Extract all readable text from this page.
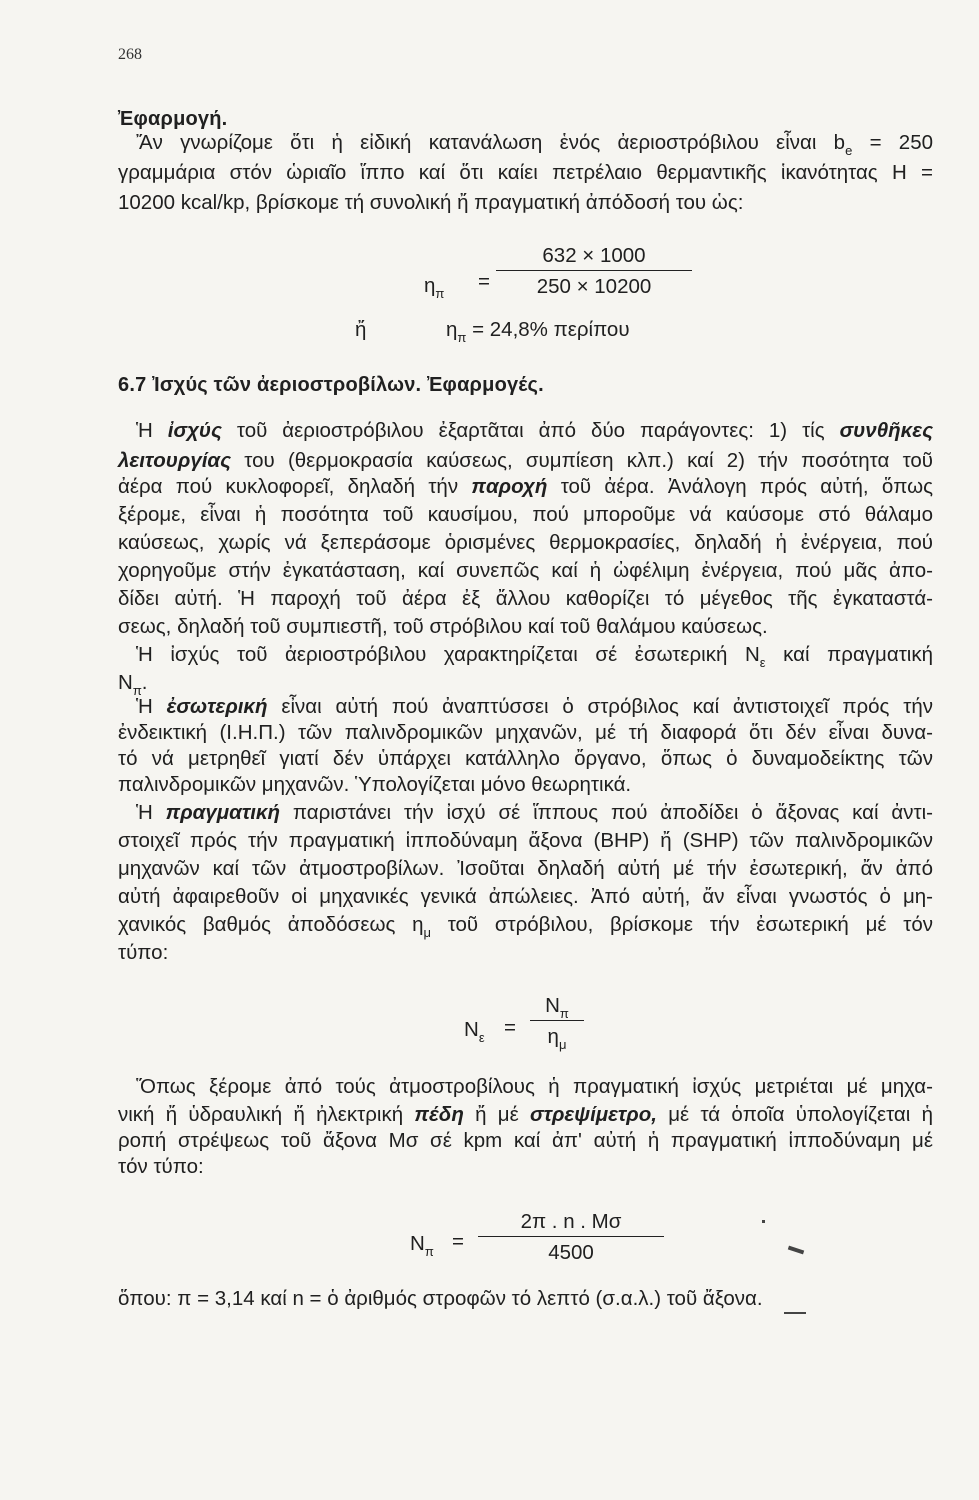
268
Ἐφαρμογή.
Ἄν γνωρίζομε ὅτι ἡ εἰδική κατανάλωση ἑνός ἀεριοστρόβιλου εἶναι $b_e = 250$
γραμμάρια στόν ὡριαῖο ἵππο καί ὅτι καίει πετρέλαιο θερμαντικῆς ἱκανότητας H =
10200 kcal/kp, βρίσκομε τή συνολική ἤ πραγματική ἀπόδοσή του ὡς:
$\eta_\pi$
=
632 × 1000
250 × 10200
ἤ	$\eta_\pi = 24,8\%$ περίπου
6.7 Ἰσχύς τῶν ἀεριοστροβίλων. Ἐφαρμογές.
Ἡ ἰσχύς τοῦ ἀεριοστρόβιλου ἐξαρτᾶται ἀπό δύο παράγοντες: 1) τίς συνθῆκες
λειτουργίας του (θερμοκρασία καύσεως, συμπίεση κλπ.) καί 2) τήν ποσότητα τοῦ
ἀέρα πού κυκλοφορεῖ, δηλαδή τήν παροχή τοῦ ἀέρα. Ἀνάλογη πρός αὐτή, ὅπως
ξέρομε, εἶναι ἡ ποσότητα τοῦ καυσίμου, πού μποροῦμε νά καύσομε στό θάλαμο
καύσεως, χωρίς νά ξεπεράσομε ὁρισμένες θερμοκρασίες, δηλαδή ἡ ἐνέργεια, πού
χορηγοῦμε στήν ἐγκατάσταση, καί συνεπῶς καί ἡ ὠφέλιμη ἐνέργεια, πού μᾶς ἀπο-
δίδει αὐτή. Ἡ παροχή τοῦ ἀέρα ἐξ ἄλλου καθορίζει τό μέγεθος τῆς ἐγκαταστά-
σεως, δηλαδή τοῦ συμπιεστῆ, τοῦ στρόβιλου καί τοῦ θαλάμου καύσεως.
Ἡ ἰσχύς τοῦ ἀεριοστρόβιλου χαρακτηρίζεται σέ ἐσωτερική $N_\varepsilon$ καί πραγματική
$N_\pi$.
Ἡ ἐσωτερική εἶναι αὐτή πού ἀναπτύσσει ὁ στρόβιλος καί ἀντιστοιχεῖ πρός τήν
ἐνδεικτική (Ι.Η.Π.) τῶν παλινδρομικῶν μηχανῶν, μέ τή διαφορά ὅτι δέν εἶναι δυνα-
τό νά μετρηθεῖ γιατί δέν ὑπάρχει κατάλληλο ὄργανο, ὅπως ὁ δυναμοδείκτης τῶν
παλινδρομικῶν μηχανῶν. Ὑπολογίζεται μόνο θεωρητικά.
Ἡ πραγματική παριστάνει τήν ἰσχύ σέ ἵππους πού ἀποδίδει ὁ ἄξονας καί ἀντι-
στοιχεῖ πρός τήν πραγματική ἱπποδύναμη ἄξονα (BHP) ἤ (SHP) τῶν παλινδρομικῶν
μηχανῶν καί τῶν ἀτμοστροβίλων. Ἰσοῦται δηλαδή αὐτή μέ τήν ἐσωτερική, ἄν ἀπό
αὐτή ἀφαιρεθοῦν οἱ μηχανικές γενικά ἀπώλειες. Ἀπό αὐτή, ἄν εἶναι γνωστός ὁ μη-
χανικός βαθμός ἀποδόσεως $\eta_\mu$ τοῦ στρόβιλου, βρίσκομε τήν ἐσωτερική μέ τόν
τύπο:
$N_\varepsilon$ =
$N_\pi$
$\eta_\mu$
Ὅπως ξέρομε ἀπό τούς ἀτμοστροβίλους ἡ πραγματική ἰσχύς μετριέται μέ μηχα-
νική ἤ ὑδραυλική ἤ ἠλεκτρική πέδη ἤ μέ στρεψίμετρο, μέ τά ὁποῖα ὑπολογίζεται ἡ
ροπή στρέψεως τοῦ ἄξονα Mσ σέ kpm καί ἀπ' αὐτή ἡ πραγματική ἱπποδύναμη μέ
τόν τύπο:
$N_\pi$ =
2π . n . Mσ
4500
ὅπου: π = 3,14 καί n = ὁ ἀριθμός στροφῶν τό λεπτό (σ.α.λ.) τοῦ ἄξονα.
